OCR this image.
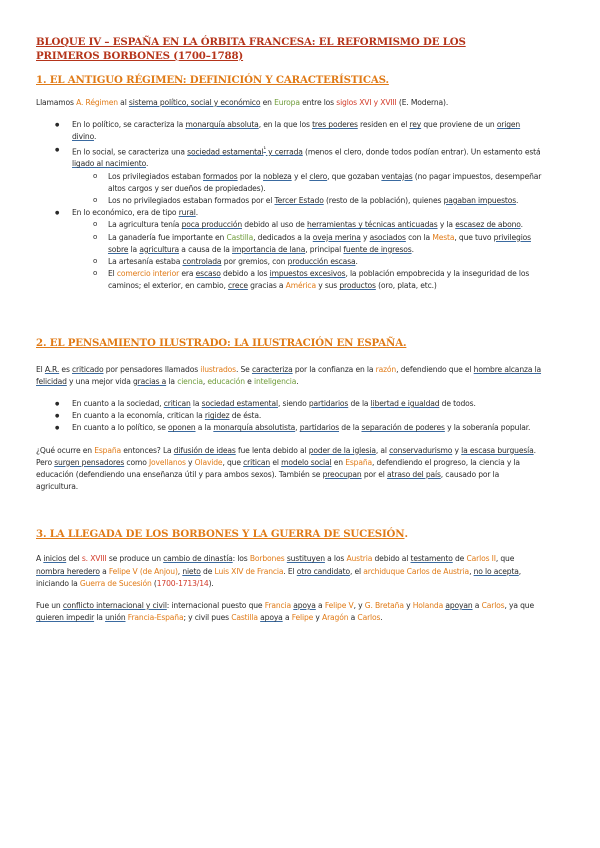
BLOQUE IV – ESPAÑA EN LA ÓRBITA FRANCESA: EL REFORMISMO DE LOS
PRIMEROS BORBONES (1700–1788)
1. EL ANTIGUO RÉGIMEN: DEFINICIÓN Y CARACTERÍSTICAS.

Llamamos A. Régimen al sistema político, social y económico en Europa entre los siglos XVI y XVIII (E. Moderna).

● En lo político, se caracteriza la monarquía absoluta, en la que los tres poderes residen en el rey que proviene de un origen divino.
● En lo social, se caracteriza una sociedad estamental$^{^1}$ y cerrada (menos el clero, donde todos podían entrar). Un estamento está ligado al nacimiento.
o Los privilegiados estaban formados por la nobleza y el clero, que gozaban ventajas (no pagar impuestos, desempeñar altos cargos y ser dueños de propiedades).
o Los no privilegiados estaban formados por el Tercer Estado (resto de la población), quienes pagaban impuestos.
● En lo económico, era de tipo rural.
o La agricultura tenía poca producción debido al uso de herramientas y técnicas anticuadas y la escasez de abono.
o La ganadería fue importante en Castilla, dedicados a la oveja merina y asociados con la Mesta, que tuvo privilegios sobre la agricultura a causa de la importancia de lana, principal fuente de ingresos.
o La artesanía estaba controlada por gremios, con producción escasa.
o El comercio interior era escaso debido a los impuestos excesivos, la población empobrecida y la inseguridad de los caminos; el exterior, en cambio, crece gracias a América y sus productos (oro, plata, etc.)
2. EL PENSAMIENTO ILUSTRADO: LA ILUSTRACIÓN EN ESPAÑA.

El A.R. es criticado por pensadores llamados ilustrados. Se caracteriza por la confianza en la razón, defendiendo que el hombre alcanza la felicidad y una mejor vida gracias a la ciencia, educación e inteligencia.

● En cuanto a la sociedad, critican la sociedad estamental, siendo partidarios de la libertad e igualdad de todos.
● En cuanto a la economía, critican la rigidez de ésta.
● En cuanto a lo político, se oponen a la monarquía absolutista, partidarios de la separación de poderes y la soberanía popular.

¿Qué ocurre en España entonces? La difusión de ideas fue lenta debido al poder de la iglesia, al conservadurismo y la escasa burguesía. Pero surgen pensadores como Jovellanos y Olavide, que critican el modelo social en España, defendiendo el progreso, la ciencia y la educación (defendiendo una enseñanza útil y para ambos sexos). También se preocupan por el atraso del país, causado por la agricultura.

3. LA LLEGADA DE LOS BORBONES Y LA GUERRA DE SUCESIÓN.

A inicios del s. XVIII se produce un cambio de dinastía: los Borbones sustituyen a los Austria debido al testamento de Carlos II, que nombra heredero a Felipe V (de Anjou), nieto de Luis XIV de Francia. El otro candidato, el archiduque Carlos de Austria, no lo acepta, iniciando la Guerra de Sucesión (1700-1713/14).

Fue un conflicto internacional y civil: internacional puesto que Francia apoya a Felipe V, y G. Bretaña y Holanda apoyan a Carlos, ya que quieren impedir la unión Francia-España; y civil pues Castilla apoya a Felipe y Aragón a Carlos.
